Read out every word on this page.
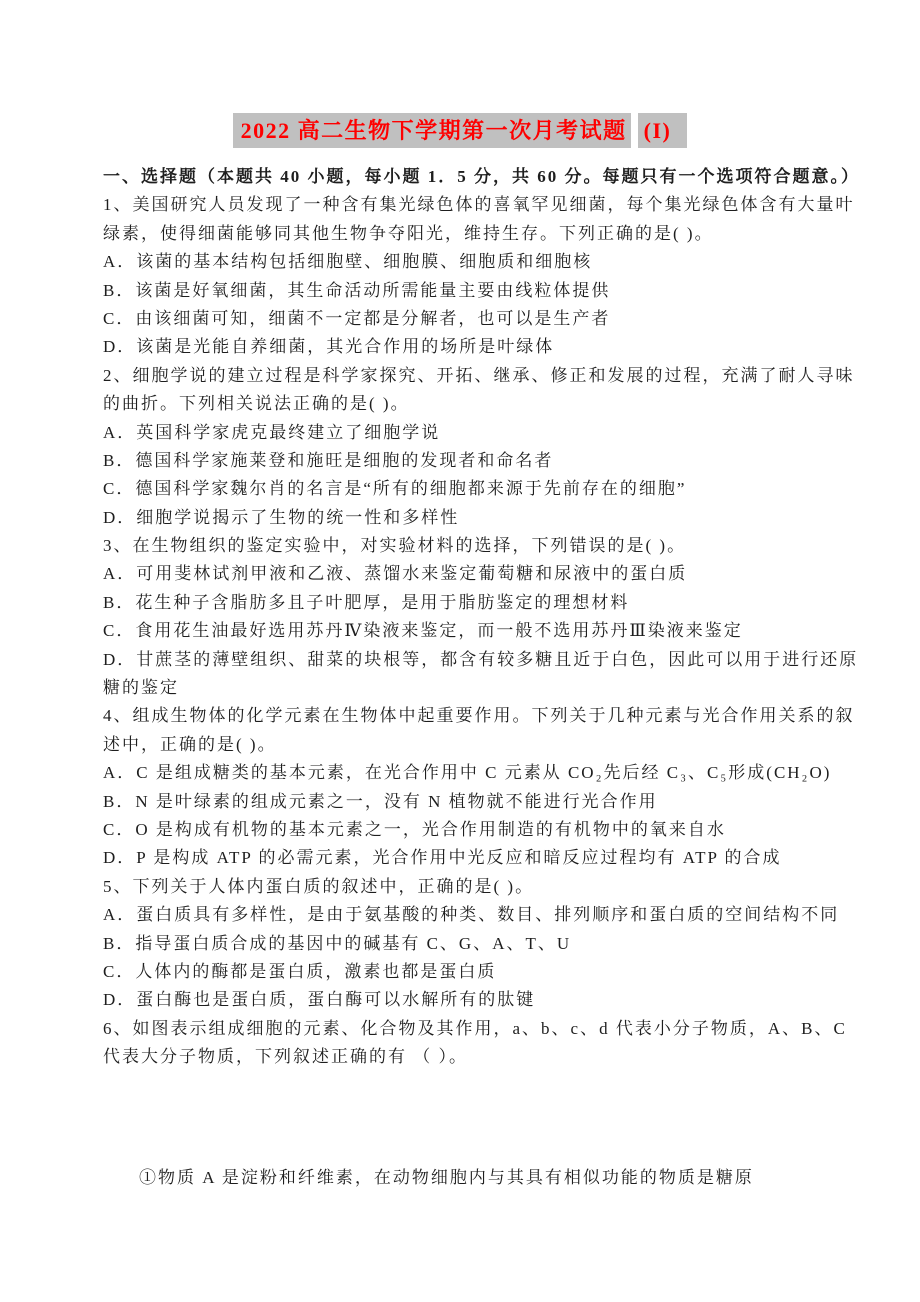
2022 高二生物下学期第一次月考试题 (I)
一、选择题（本题共 40 小题，每小题 1．5 分，共 60 分。每题只有一个选项符合题意。）
1、美国研究人员发现了一种含有集光绿色体的喜氧罕见细菌，每个集光绿色体含有大量叶
绿素，使得细菌能够同其他生物争夺阳光，维持生存。下列正确的是( )。
A．该菌的基本结构包括细胞壁、细胞膜、细胞质和细胞核
B．该菌是好氧细菌，其生命活动所需能量主要由线粒体提供
C．由该细菌可知，细菌不一定都是分解者，也可以是生产者
D．该菌是光能自养细菌，其光合作用的场所是叶绿体
2、细胞学说的建立过程是科学家探究、开拓、继承、修正和发展的过程，充满了耐人寻味
的曲折。下列相关说法正确的是( )。
A．英国科学家虎克最终建立了细胞学说
B．德国科学家施莱登和施旺是细胞的发现者和命名者
C．德国科学家魏尔肖的名言是“所有的细胞都来源于先前存在的细胞”
D．细胞学说揭示了生物的统一性和多样性
3、在生物组织的鉴定实验中，对实验材料的选择，下列错误的是( )。
A．可用斐林试剂甲液和乙液、蒸馏水来鉴定葡萄糖和尿液中的蛋白质
B．花生种子含脂肪多且子叶肥厚，是用于脂肪鉴定的理想材料
C．食用花生油最好选用苏丹Ⅳ染液来鉴定，而一般不选用苏丹Ⅲ染液来鉴定
D．甘蔗茎的薄壁组织、甜菜的块根等，都含有较多糖且近于白色，因此可以用于进行还原
糖的鉴定
4、组成生物体的化学元素在生物体中起重要作用。下列关于几种元素与光合作用关系的叙
述中，正确的是( )。
A．C 是组成糖类的基本元素，在光合作用中 C 元素从 CO₂先后经 C₃、C₅形成(CH₂O)
B．N 是叶绿素的组成元素之一，没有 N 植物就不能进行光合作用
C．O 是构成有机物的基本元素之一，光合作用制造的有机物中的氧来自水
D．P 是构成 ATP 的必需元素，光合作用中光反应和暗反应过程均有 ATP 的合成
5、下列关于人体内蛋白质的叙述中，正确的是( )。
A．蛋白质具有多样性，是由于氨基酸的种类、数目、排列顺序和蛋白质的空间结构不同
B．指导蛋白质合成的基因中的碱基有 C、G、A、T、U
C．人体内的酶都是蛋白质，激素也都是蛋白质
D．蛋白酶也是蛋白质，蛋白酶可以水解所有的肽键
6、如图表示组成细胞的元素、化合物及其作用，a、b、c、d 代表小分子物质，A、B、C
代表大分子物质，下列叙述正确的有 （ ）。
①物质 A 是淀粉和纤维素，在动物细胞内与其具有相似功能的物质是糖原
